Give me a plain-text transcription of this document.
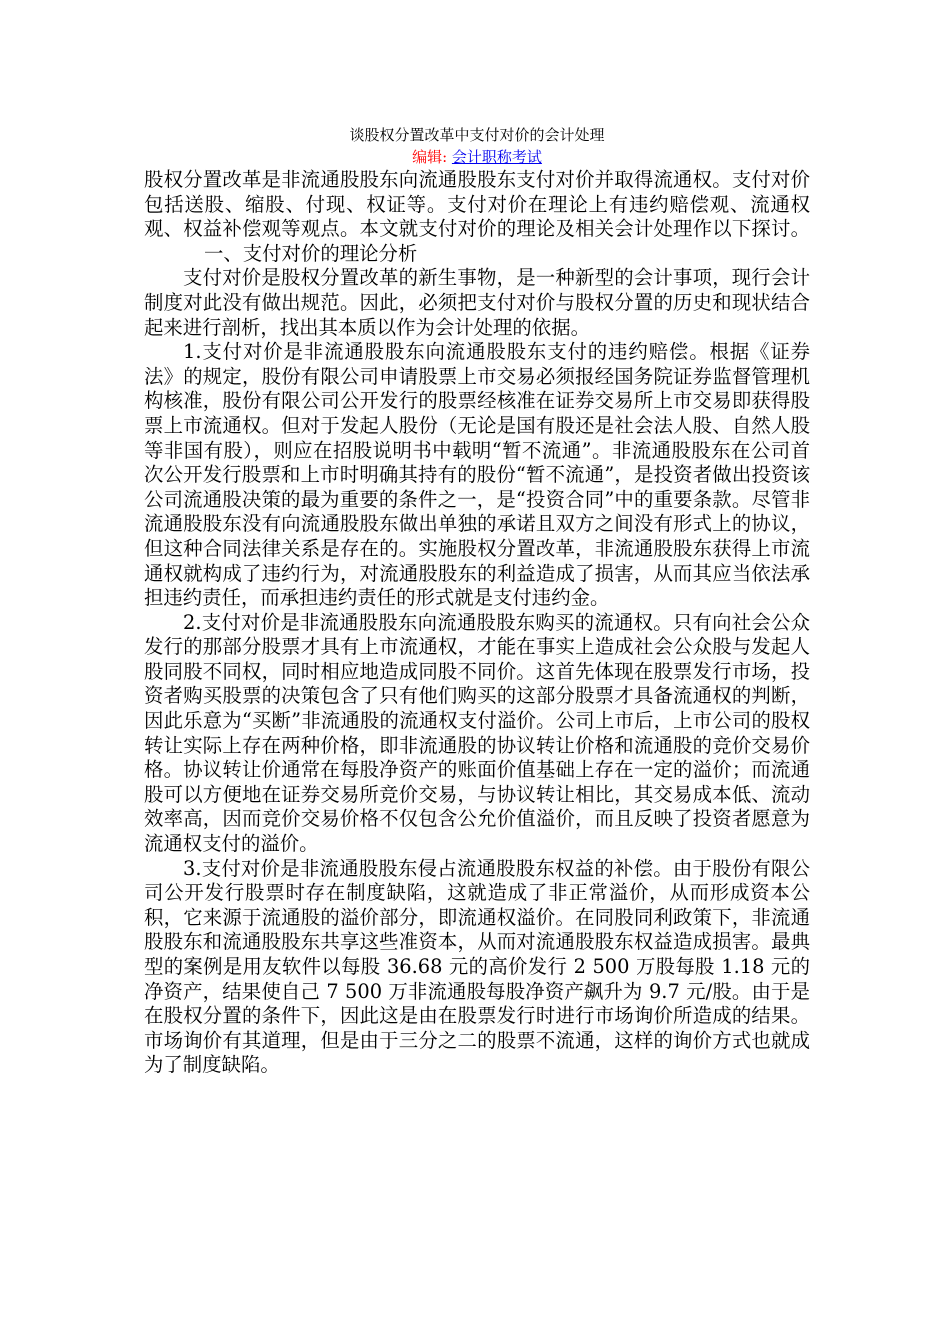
谈股权分置改革中支付对价的会计处理

编辑: 会计职称考试

股权分置改革是非流通股股东向流通股股东支付对价并取得流通权。支付对价包括送股、缩股、付现、权证等。支付对价在理论上有违约赔偿观、流通权观、权益补偿观等观点。本文就支付对价的理论及相关会计处理作以下探讨。一、支付对价的理论分析

支付对价是股权分置改革的新生事物，是一种新型的会计事项，现行会计制度对此没有做出规范。因此，必须把支付对价与股权分置的历史和现状结合起来进行剖析，找出其本质以作为会计处理的依据。

1.支付对价是非流通股股东向流通股股东支付的违约赔偿。根据《证券法》的规定，股份有限公司申请股票上市交易必须报经国务院证券监督管理机构核准，股份有限公司公开发行的股票经核准在证券交易所上市交易即获得股票上市流通权。但对于发起人股份（无论是国有股还是社会法人股、自然人股等非国有股），则应在招股说明书中载明“暂不流通”。非流通股股东在公司首次公开发行股票和上市时明确其持有的股份“暂不流通”，是投资者做出投资该公司流通股决策的最为重要的条件之一，是“投资合同”中的重要条款。尽管非流通股股东没有向流通股股东做出单独的承诺且双方之间没有形式上的协议，但这种合同法律关系是存在的。实施股权分置改革，非流通股股东获得上市流通权就构成了违约行为，对流通股股东的利益造成了损害，从而其应当依法承担违约责任，而承担违约责任的形式就是支付违约金。

2.支付对价是非流通股股东向流通股股东购买的流通权。只有向社会公众发行的那部分股票才具有上市流通权，才能在事实上造成社会公众股与发起人股同股不同权，同时相应地造成同股不同价。这首先体现在股票发行市场，投资者购买股票的决策包含了只有他们购买的这部分股票才具备流通权的判断，因此乐意为“买断”非流通股的流通权支付溢价。公司上市后，上市公司的股权转让实际上存在两种价格，即非流通股的协议转让价格和流通股的竞价交易价格。协议转让价通常在每股净资产的账面价值基础上存在一定的溢价；而流通股可以方便地在证券交易所竞价交易，与协议转让相比，其交易成本低、流动效率高，因而竞价交易价格不仅包含公允价值溢价，而且反映了投资者愿意为流通权支付的溢价。

3.支付对价是非流通股股东侵占流通股股东权益的补偿。由于股份有限公司公开发行股票时存在制度缺陷，这就造成了非正常溢价，从而形成资本公积，它来源于流通股的溢价部分，即流通权溢价。在同股同利政策下，非流通股股东和流通股股东共享这些准资本，从而对流通股股东权益造成损害。最典型的案例是用友软件以每股 36.68 元的高价发行 2 500 万股每股 1.18 元的净资产，结果使自己 7 500 万非流通股每股净资产飙升为 9.7 元/股。由于是在股权分置的条件下，因此这是由在股票发行时进行市场询价所造成的结果。市场询价有其道理，但是由于三分之二的股票不流通，这样的询价方式也就成为了制度缺陷。
